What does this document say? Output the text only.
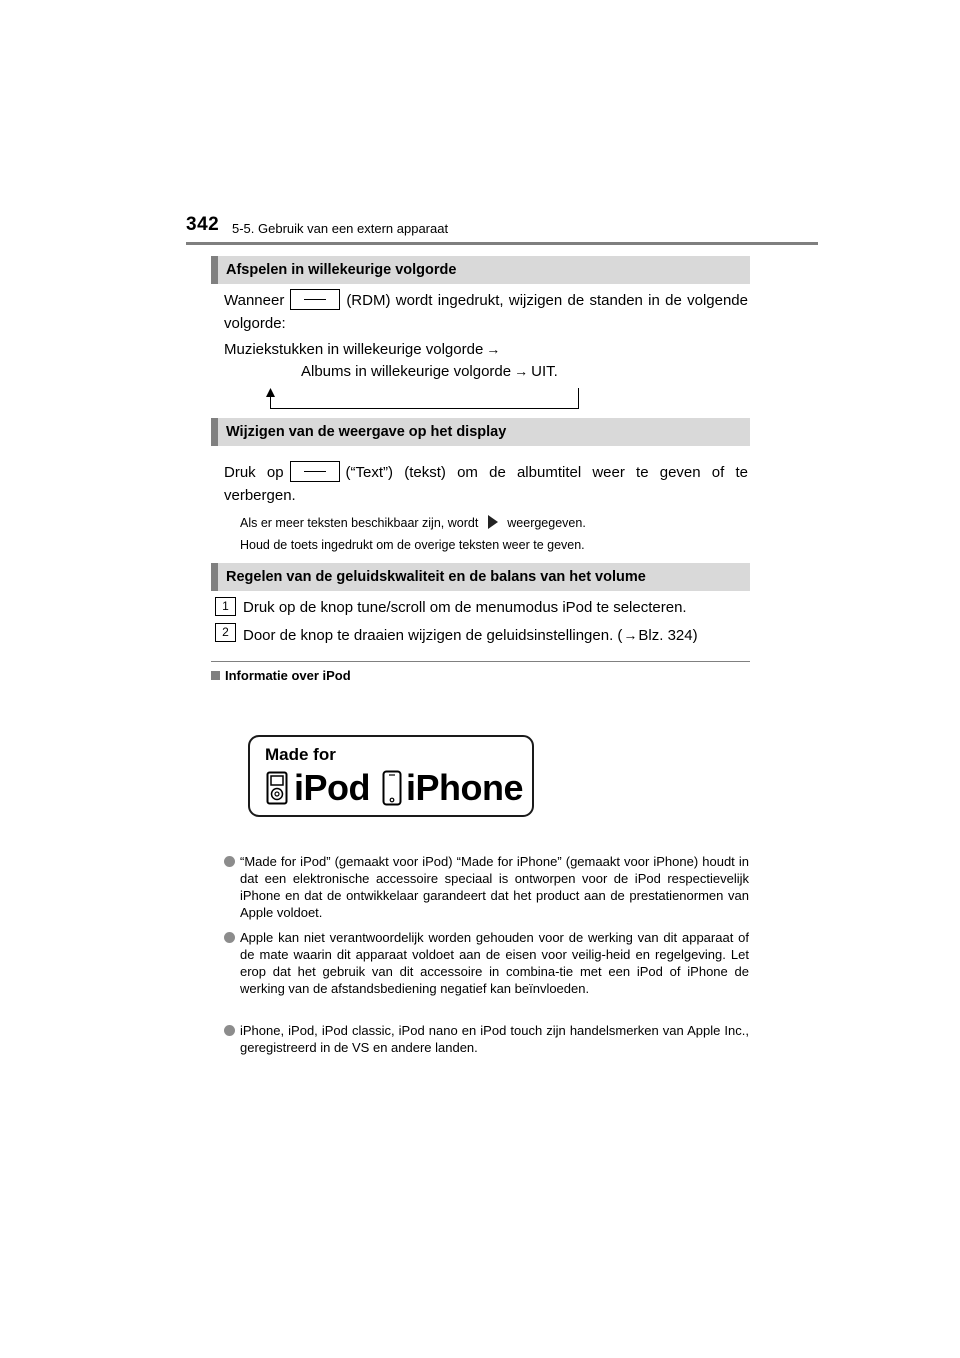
342 5-5. Gebruik van een extern apparaat
Afspelen in willekeurige volgorde
Wanneer	(RDM) wordt ingedrukt, wijzigen de standen in de volgende volgorde:
Muziekstukken in willekeurige volgorde →
Albums in willekeurige volgorde → UIT.
Wijzigen van de weergave op het display
Druk op	(“Text”) (tekst) om de albumtitel weer te geven of te verbergen.
Als er meer teksten beschikbaar zijn, wordt weergegeven.
Houd de toets ingedrukt om de overige teksten weer te geven.
Regelen van de geluidskwaliteit en de balans van het volume
1 Druk op de knop tune/scroll om de menumodus iPod te selecteren.
2 Door de knop te draaien wijzigen de geluidsinstellingen. (→Blz. 324)
Informatie over iPod
Made for
iPod iPhone
“Made for iPod” (gemaakt voor iPod) “Made for iPhone” (gemaakt voor iPhone) houdt in dat een elektronische accessoire speciaal is ontworpen voor de iPod respectievelijk iPhone en dat de ontwikkelaar garandeert dat het product aan de prestatienormen van Apple voldoet.
Apple kan niet verantwoordelijk worden gehouden voor de werking van dit apparaat of de mate waarin dit apparaat voldoet aan de eisen voor veilig-heid en regelgeving. Let erop dat het gebruik van dit accessoire in combina-tie met een iPod of iPhone de werking van de afstandsbediening negatief kan beïnvloeden.
iPhone, iPod, iPod classic, iPod nano en iPod touch zijn handelsmerken van Apple Inc., geregistreerd in de VS en andere landen.
